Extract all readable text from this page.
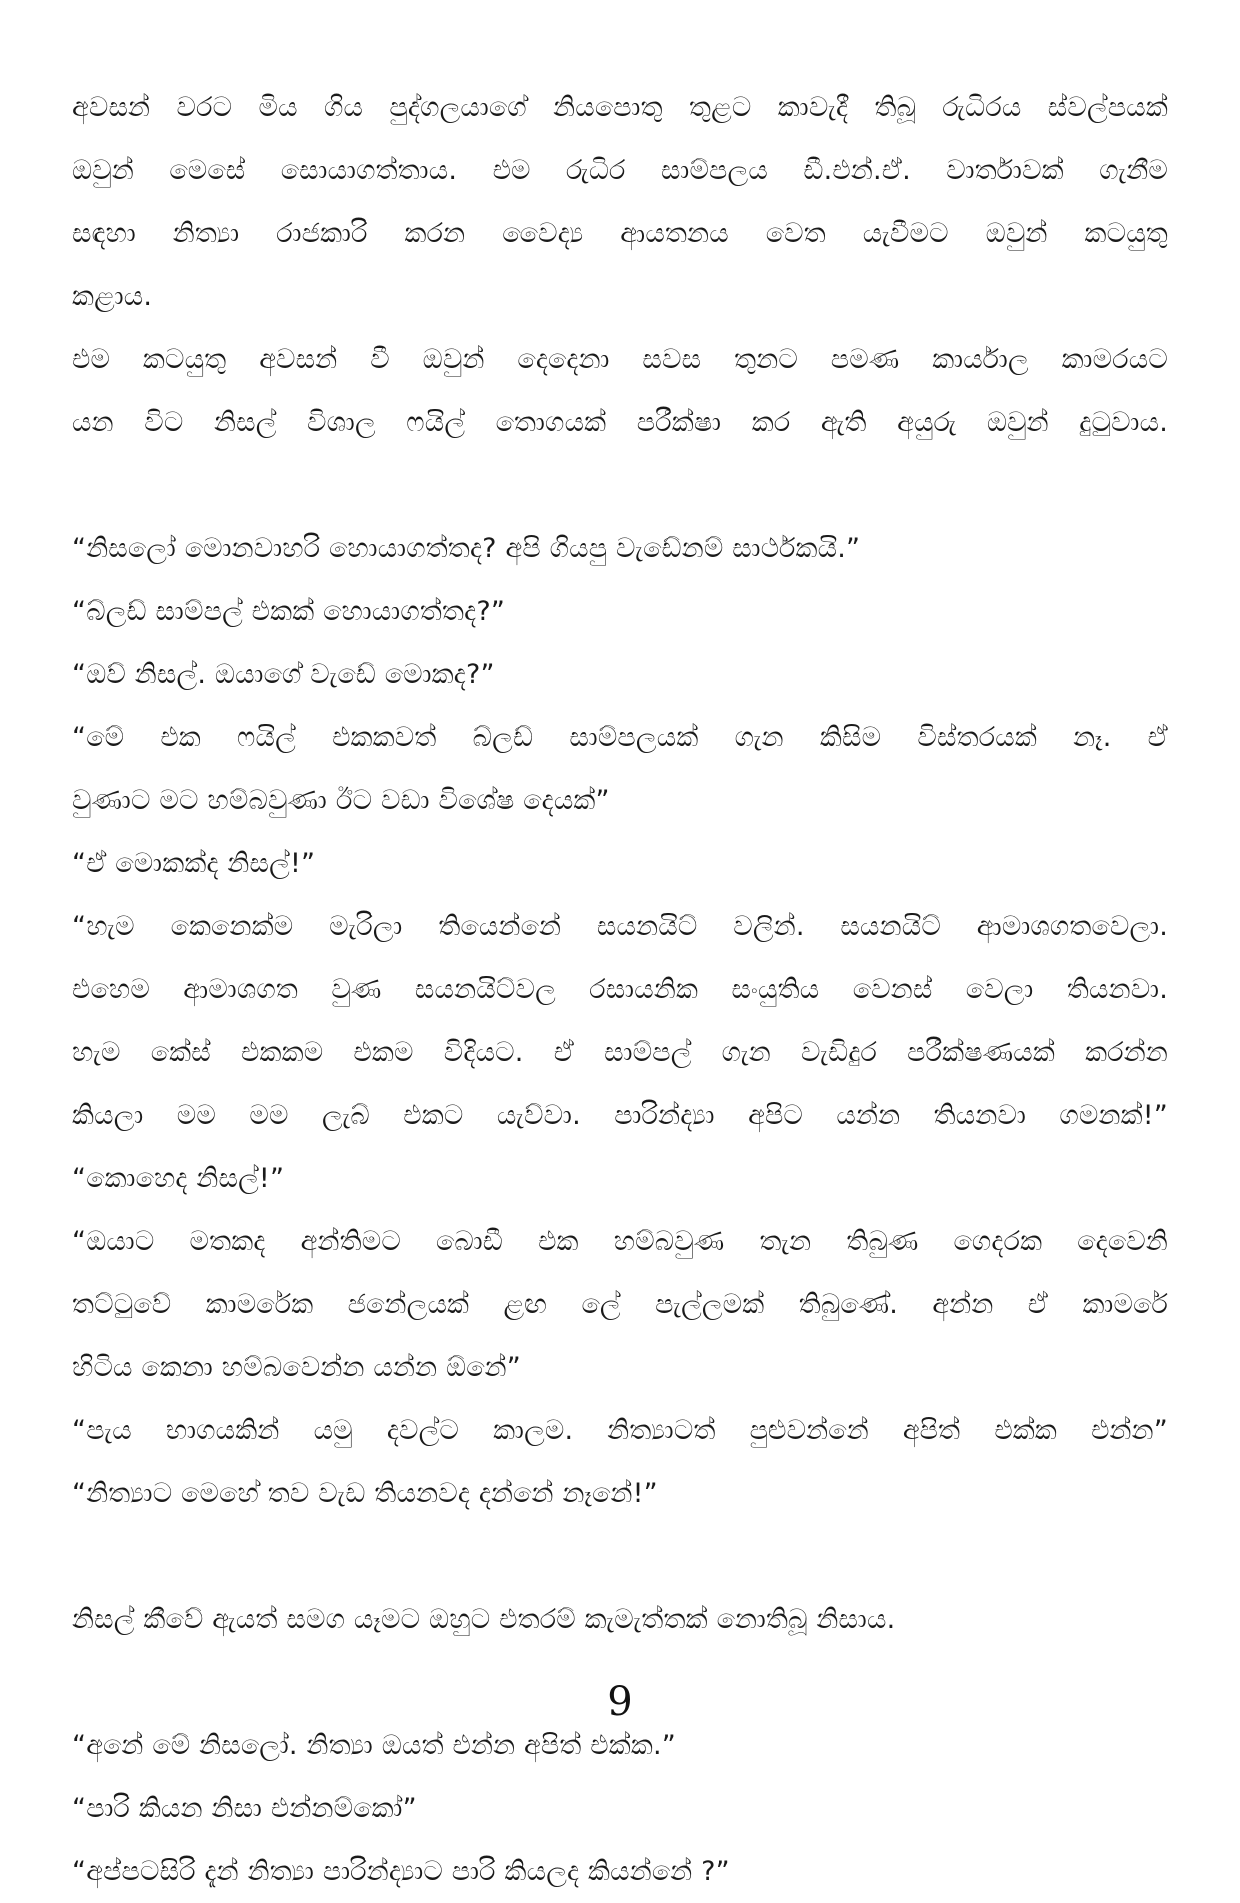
අවසන් වරට මිය ගිය පුද්ගලයාගේ නියපොතු තුළට කාවැදී තිබූ රුධිරය ස්වල්පයක්
ඔවුන් මෙසේ සොයාගත්තාය. එම රුධිර සාම්පලය ඩී.එන්.ඒ. වාර්තාවක් ගැනීම
සඳහා නිත්‍යා රාජකාරි කරන වෛද්‍ය ආයතනය වෙත යැවීමට ඔවුන් කටයුතු
කළාය.
එම කටයුතු අවසන් වී ඔවුන් දෙදෙනා සවස තුනට පමණ කාර්යාල කාමරයට
යන විට නිසල් විශාල ෆයිල් තොගයක් පරීක්ෂා කර ඇති අයුරු ඔවුන් දුටුවාය.
“නිසලෝ මොනවාහරි හොයාගත්තද? අපි ගියපු වැඩේනම් සාර්ථකයි.”
“බ්ලඩ් සාම්පල් එකක් හොයාගත්තද?”
“ඔව් නිසල්. ඔයාගේ වැඩේ මොකද?”
“මේ එක ෆයිල් එකකවත් බ්ලඩ් සාම්පලයක් ගැන කිසිම විස්තරයක් නෑ. ඒ
වුණාට මට හම්බවුණා ඊට වඩා විශේෂ දෙයක්”
“ඒ මොකක්ද නිසල්!”
“හැම කෙනෙක්ම මැරිලා තියෙන්නේ සයනයිට් වලින්. සයනයිට් ආමාශගතවෙලා.
එහෙම ආමාශගත වුණ සයනයිට්වල රසායනික සංයුතිය වෙනස් වෙලා තියනවා.
හැම කේස් එකකම එකම විදියට. ඒ සාම්පල් ගැන වැඩිදුර පරීක්ෂණයක් කරන්න
කියලා මම මම ලැබ් එකට යැව්වා. පාරින්ද්‍යා අපිට යන්න තියනවා ගමනක්!”
“කොහෙද නිසල්!”
“ඔයාට මතකද අන්තිමට බොඩී එක හම්බවුණ තැන තිබුණ ගෙදරක දෙවෙනි
තට්ටුවේ කාමරේක ජනේලයක් ළඟ ලේ පැල්ලමක් තිබුණේ. අන්න ඒ කාමරේ
හිටිය කෙනා හම්බවෙන්න යන්න ඕනේ”
“පැය භාගයකින් යමු දවල්ට කාලම. නිත්‍යාටත් පුළුවන්නේ අපිත් එක්ක එන්න”
“නිත්‍යාට මෙහේ තව වැඩ තියනවද දන්නේ නෑනේ!”
නිසල් කීවේ ඇයත් සමග යෑමට ඔහුට එතරම් කැමැත්තක් නොතිබූ නිසාය.
“අනේ මේ නිසලෝ. නිත්‍යා ඔයත් එන්න අපිත් එක්ක.”
“පාරි කියන නිසා එන්නම්කෝ”
“අප්පටසිරි දැන් නිත්‍යා පාරින්ද්‍යාට පාරි කියලද කියන්නේ ?”
9
